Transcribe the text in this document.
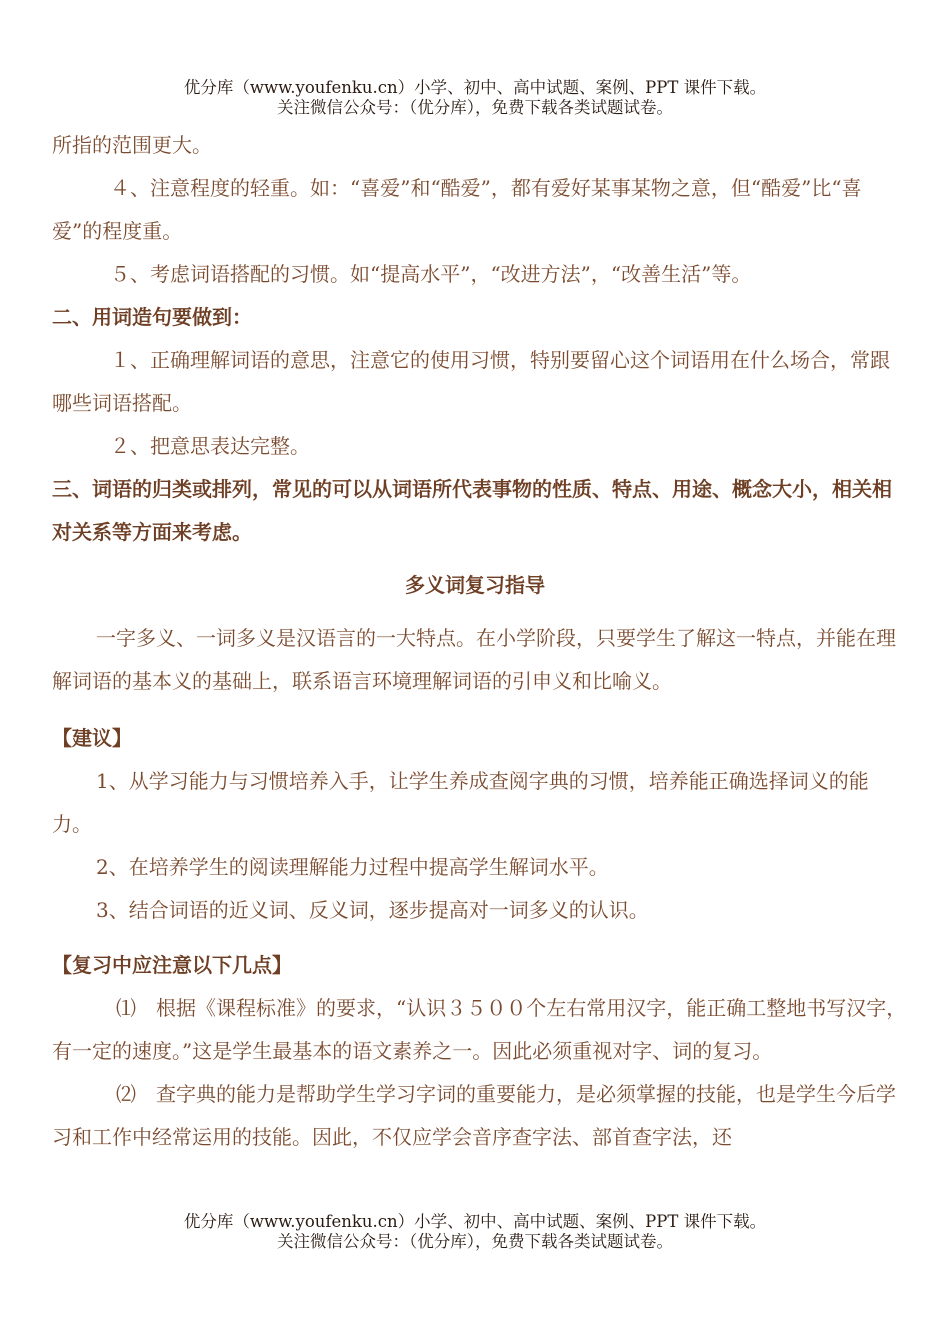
优分库（www.youfenku.cn）小学、初中、高中试题、案例、PPT 课件下载。
关注微信公众号：（优分库），免费下载各类试题试卷。

所指的范围更大。

４、注意程度的轻重。如：“喜爱”和“酷爱”，都有爱好某事某物之意，但“酷爱”比“喜爱”的程度重。

５、考虑词语搭配的习惯。如“提高水平”，“改进方法”，“改善生活”等。

二、用词造句要做到：

１、正确理解词语的意思，注意它的使用习惯，特别要留心这个词语用在什么场合，常跟哪些词语搭配。

２、把意思表达完整。

三、词语的归类或排列，常见的可以从词语所代表事物的性质、特点、用途、概念大小，相关相对关系等方面来考虑。

多义词复习指导

一字多义、一词多义是汉语言的一大特点。在小学阶段，只要学生了解这一特点，并能在理解词语的基本义的基础上，联系语言环境理解词语的引申义和比喻义。

【建议】

1、从学习能力与习惯培养入手，让学生养成查阅字典的习惯，培养能正确选择词义的能力。

2、在培养学生的阅读理解能力过程中提高学生解词水平。

3、结合词语的近义词、反义词，逐步提高对一词多义的认识。

【复习中应注意以下几点】

⑴　根据《课程标准》的要求，“认识３５００个左右常用汉字，能正确工整地书写汉字，　有一定的速度。”这是学生最基本的语文素养之一。因此必须重视对字、词的复习。

⑵　查字典的能力是帮助学生学习字词的重要能力，是必须掌握的技能，也是学生今后学习和工作中经常运用的技能。因此，不仅应学会音序查字法、部首查字法，还

优分库（www.youfenku.cn）小学、初中、高中试题、案例、PPT 课件下载。
关注微信公众号：（优分库），免费下载各类试题试卷。
